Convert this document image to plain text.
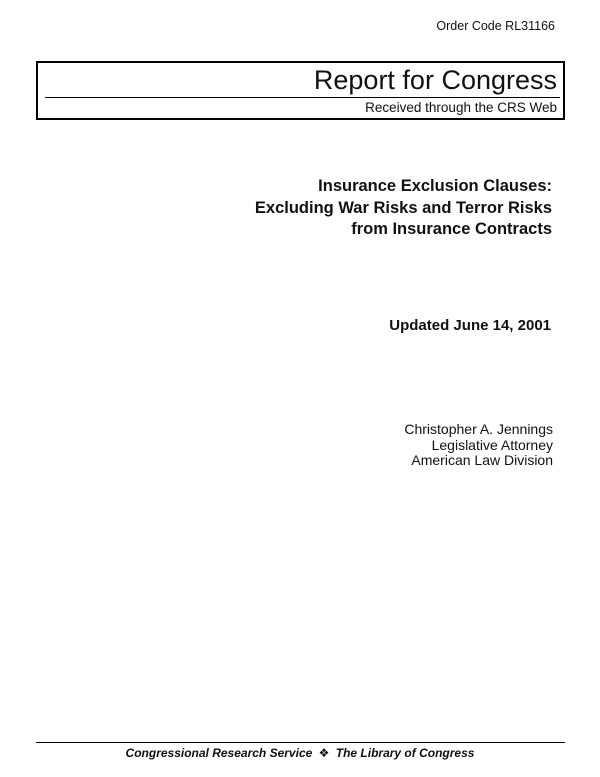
Order Code RL31166
Report for Congress
Received through the CRS Web
Insurance Exclusion Clauses:
Excluding War Risks and Terror Risks
from Insurance Contracts
Updated June 14, 2001
Christopher A. Jennings
Legislative Attorney
American Law Division
Congressional Research Service ❖ The Library of Congress
